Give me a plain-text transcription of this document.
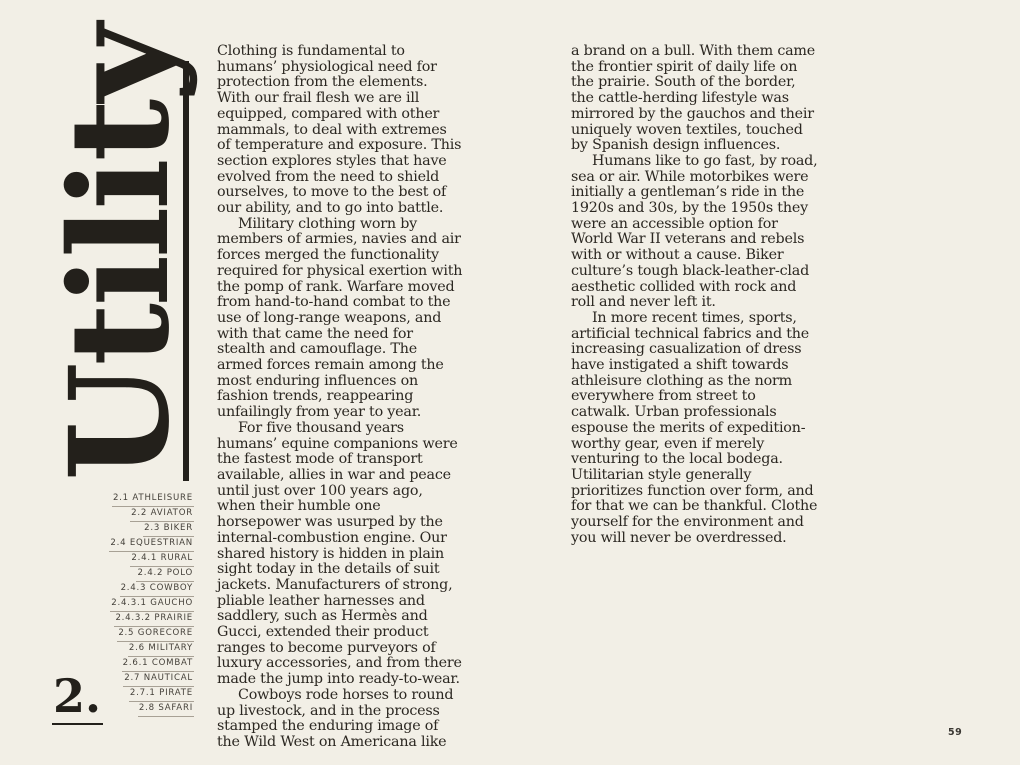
Utility
2.1 ATHLEISURE
2.2 AVIATOR
2.3 BIKER
2.4 EQUESTRIAN
2.4.1 RURAL
2.4.2 POLO
2.4.3 COWBOY
2.4.3.1 GAUCHO
2.4.3.2 PRAIRIE
2.5 GORECORE
2.6 MILITARY
2.6.1 COMBAT
2.7 NAUTICAL
2.7.1 PIRATE
2.8 SAFARI
2.

Clothing is fundamental to humans’ physiological need for protection from the elements. With our frail flesh we are ill equipped, compared with other mammals, to deal with extremes of temperature and exposure. This section explores styles that have evolved from the need to shield ourselves, to move to the best of our ability, and to go into battle.

Military clothing worn by members of armies, navies and air forces merged the functionality required for physical exertion with the pomp of rank. Warfare moved from hand-to-hand combat to the use of long-range weapons, and with that came the need for stealth and camouflage. The armed forces remain among the most enduring influences on fashion trends, reappearing unfailingly from year to year.

For five thousand years humans’ equine companions were the fastest mode of transport available, allies in war and peace until just over 100 years ago, when their humble one horsepower was usurped by the internal-combustion engine. Our shared history is hidden in plain sight today in the details of suit jackets. Manufacturers of strong, pliable leather harnesses and saddlery, such as Hermès and Gucci, extended their product ranges to become purveyors of luxury accessories, and from there made the jump into ready-to-wear.

Cowboys rode horses to round up livestock, and in the process stamped the enduring image of the Wild West on Americana like

a brand on a bull. With them came the frontier spirit of daily life on the prairie. South of the border, the cattle-herding lifestyle was mirrored by the gauchos and their uniquely woven textiles, touched by Spanish design influences.

Humans like to go fast, by road, sea or air. While motorbikes were initially a gentleman’s ride in the 1920s and 30s, by the 1950s they were an accessible option for World War II veterans and rebels with or without a cause. Biker culture’s tough black-leather-clad aesthetic collided with rock and roll and never left it.

In more recent times, sports, artificial technical fabrics and the increasing casualization of dress have instigated a shift towards athleisure clothing as the norm everywhere from street to catwalk. Urban professionals espouse the merits of expedition-worthy gear, even if merely venturing to the local bodega. Utilitarian style generally prioritizes function over form, and for that we can be thankful. Clothe yourself for the environment and you will never be overdressed.

59
